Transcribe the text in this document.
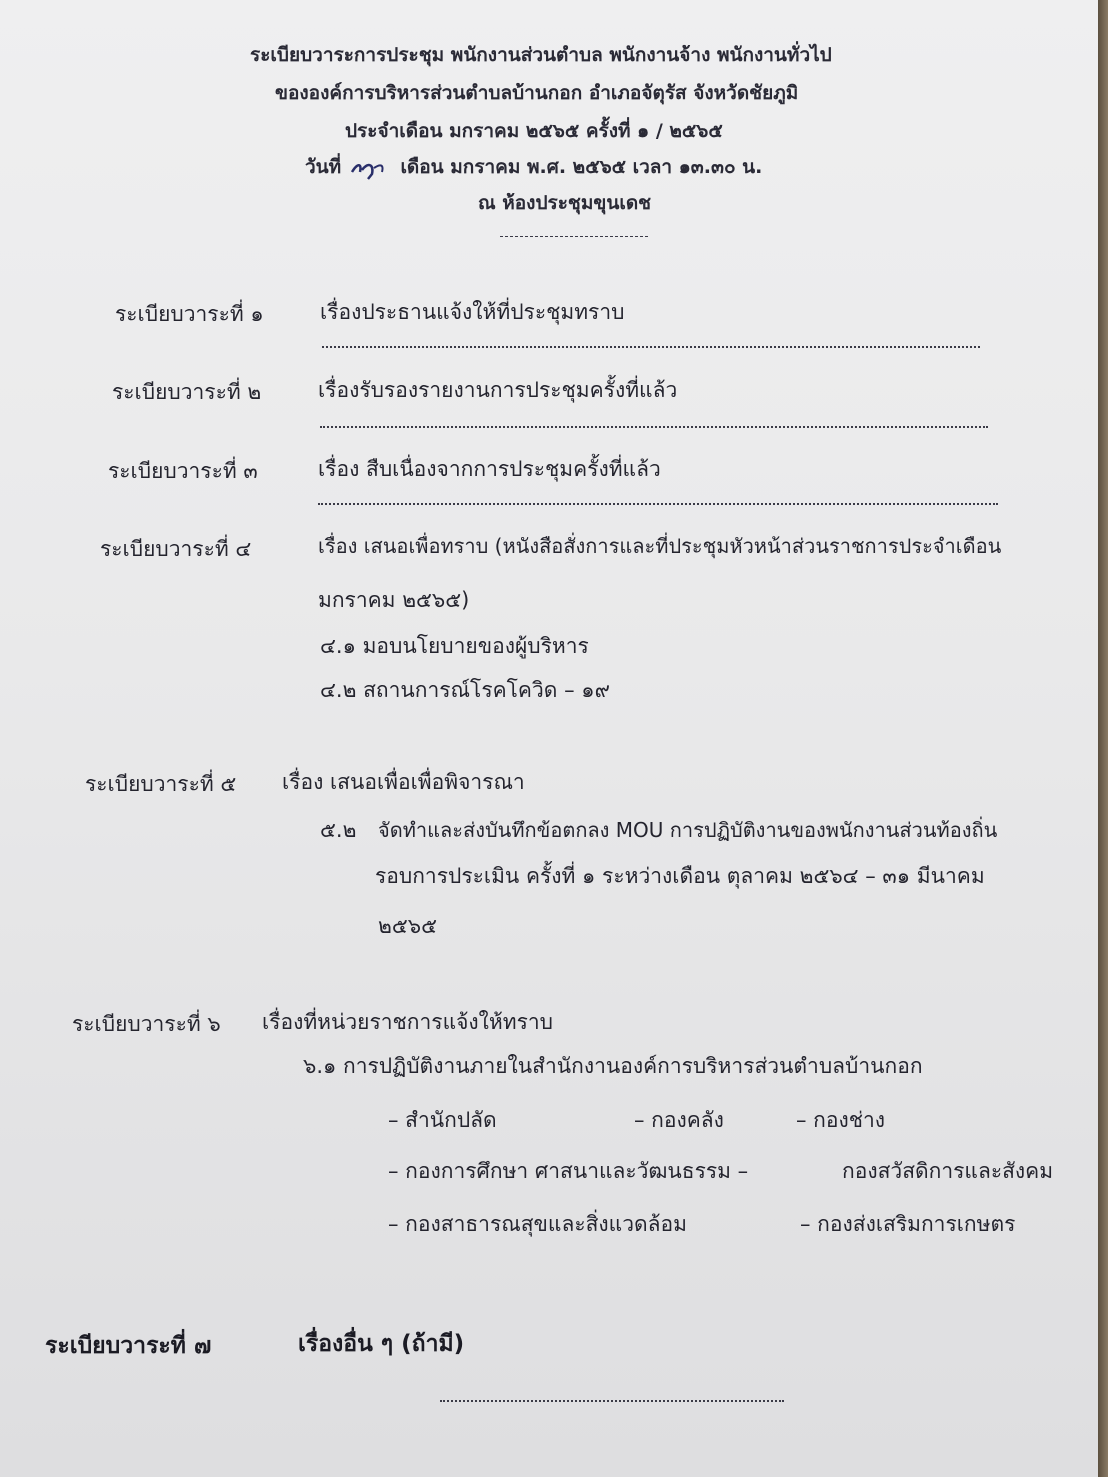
ระเบียบวาระการประชุม พนักงานส่วนตำบล พนักงานจ้าง พนักงานทั่วไป
ขององค์การบริหารส่วนตำบลบ้านกอก อำเภอจัตุรัส จังหวัดชัยภูมิ
ประจำเดือน มกราคม ๒๕๖๕ ครั้งที่ ๑ / ๒๕๖๕
วันที่	เดือน มกราคม พ.ศ. ๒๕๖๕ เวลา ๑๓.๓๐ น.
ณ ห้องประชุมขุนเดช
ระเบียบวาระที่ ๑	เรื่องประธานแจ้งให้ที่ประชุมทราบ
ระเบียบวาระที่ ๒	เรื่องรับรองรายงานการประชุมครั้งที่แล้ว
ระเบียบวาระที่ ๓	เรื่อง สืบเนื่องจากการประชุมครั้งที่แล้ว
ระเบียบวาระที่ ๔	เรื่อง เสนอเพื่อทราบ (หนังสือสั่งการและที่ประชุมหัวหน้าส่วนราชการประจำเดือน
มกราคม ๒๕๖๕)
๔.๑ มอบนโยบายของผู้บริหาร
๔.๒ สถานการณ์โรคโควิด – ๑๙
ระเบียบวาระที่ ๕ เรื่อง เสนอเพื่อเพื่อพิจารณา
๕.๒ จัดทำและส่งบันทึกข้อตกลง MOU การปฏิบัติงานของพนักงานส่วนท้องถิ่น
รอบการประเมิน ครั้งที่ ๑ ระหว่างเดือน ตุลาคม ๒๕๖๔ – ๓๑ มีนาคม
๒๕๖๕
ระเบียบวาระที่ ๖ เรื่องที่หน่วยราชการแจ้งให้ทราบ
๖.๑ การปฏิบัติงานภายในสำนักงานองค์การบริหารส่วนตำบลบ้านกอก
– สำนักปลัด	– กองคลัง	– กองช่าง
– กองการศึกษา ศาสนาและวัฒนธรรม –	กองสวัสดิการและสังคม
– กองสาธารณสุขและสิ่งแวดล้อม	– กองส่งเสริมการเกษตร
ระเบียบวาระที่ ๗	เรื่องอื่น ๆ (ถ้ามี)
